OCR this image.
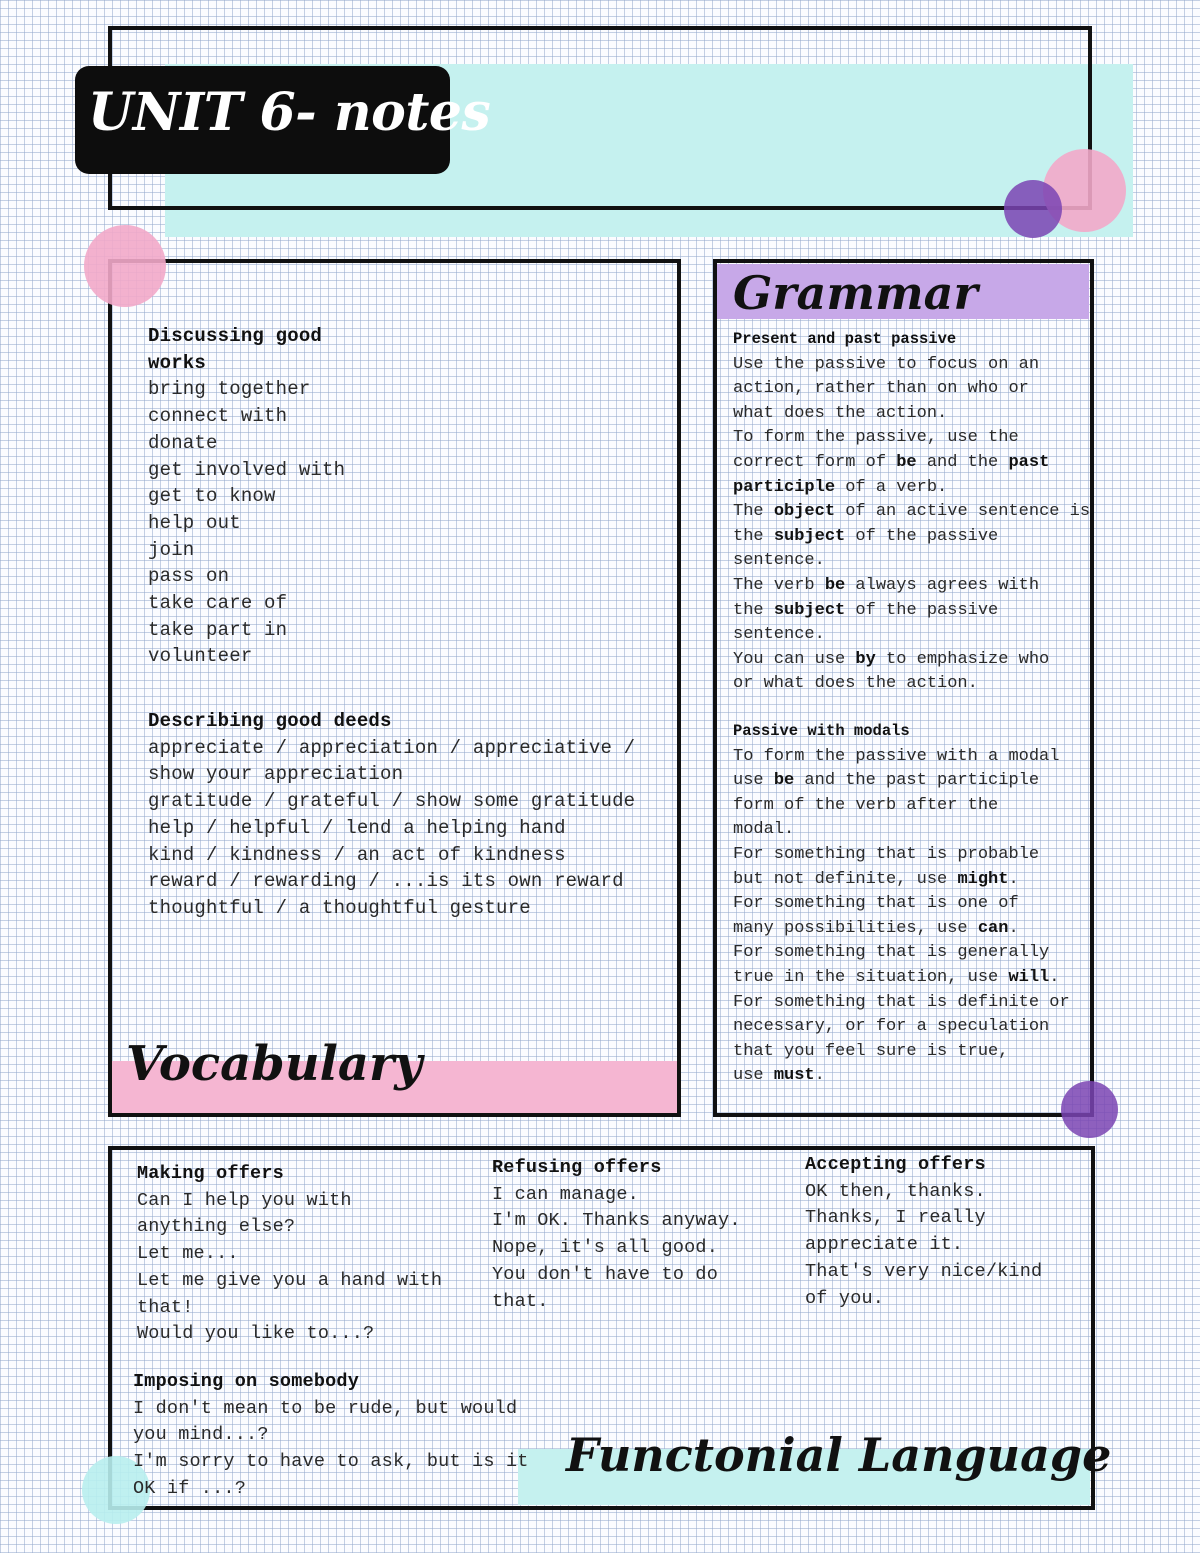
UNIT 6- notes
Vocabulary
Discussing good
works
bring together
connect with
donate
get involved with
get to know
help out
join
pass on
take care of
take part in
volunteer
Describing good deeds
appreciate / appreciation / appreciative /
show your appreciation
gratitude / grateful / show some gratitude
help / helpful / lend a helping hand
kind / kindness / an act of kindness
reward / rewarding / ...is its own reward
thoughtful / a thoughtful gesture
Grammar
Present and past passive
Use the passive to focus on an
action, rather than on who or
what does the action.
To form the passive, use the
correct form of be and the past
participle of a verb.
The object of an active sentence is
the subject of the passive
sentence.
The verb be always agrees with
the subject of the passive
sentence.
You can use by to emphasize who
or what does the action.
Passive with modals
To form the passive with a modal
use be and the past participle
form of the verb after the
modal.
For something that is probable
but not definite, use might.
For something that is one of
many possibilities, use can.
For something that is generally
true in the situation, use will.
For something that is definite or
necessary, or for a speculation
that you feel sure is true,
use must.
Functonial Language
Making offers
Can I help you with
anything else?
Let me...
Let me give you a hand with
that!
Would you like to...?
Refusing offers
I can manage.
I'm OK. Thanks anyway.
Nope, it's all good.
You don't have to do
that.
Accepting offers
OK then, thanks.
Thanks, I really
appreciate it.
That's very nice/kind
of you.
Imposing on somebody
I don't mean to be rude, but would
you mind...?
I'm sorry to have to ask, but is it
OK if ...?
